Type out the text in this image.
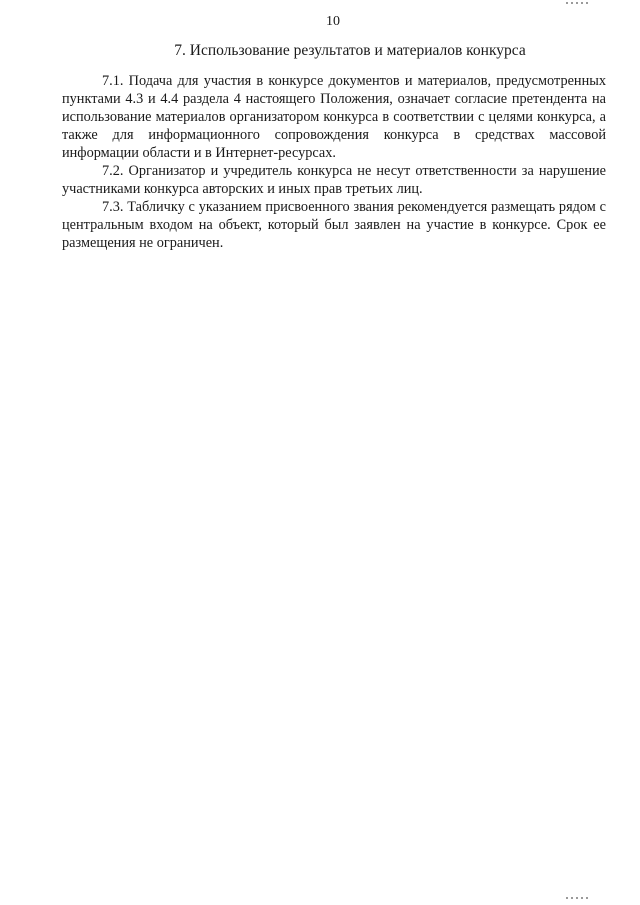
10
7. Использование результатов и материалов конкурса

7.1. Подача для участия в конкурсе документов и материалов, предусмотренных пунктами 4.3 и 4.4 раздела 4 настоящего Положения, означает согласие претендента на использование материалов организатором конкурса в соответствии с целями конкурса, а также для информационного сопровождения конкурса в средствах массовой информации области и в Интернет-ресурсах.

7.2. Организатор и учредитель конкурса не несут ответственности за нарушение участниками конкурса авторских и иных прав третьих лиц.

7.3. Табличку с указанием присвоенного звания рекомендуется размещать рядом с центральным входом на объект, который был заявлен на участие в конкурсе. Срок ее размещения не ограничен.
